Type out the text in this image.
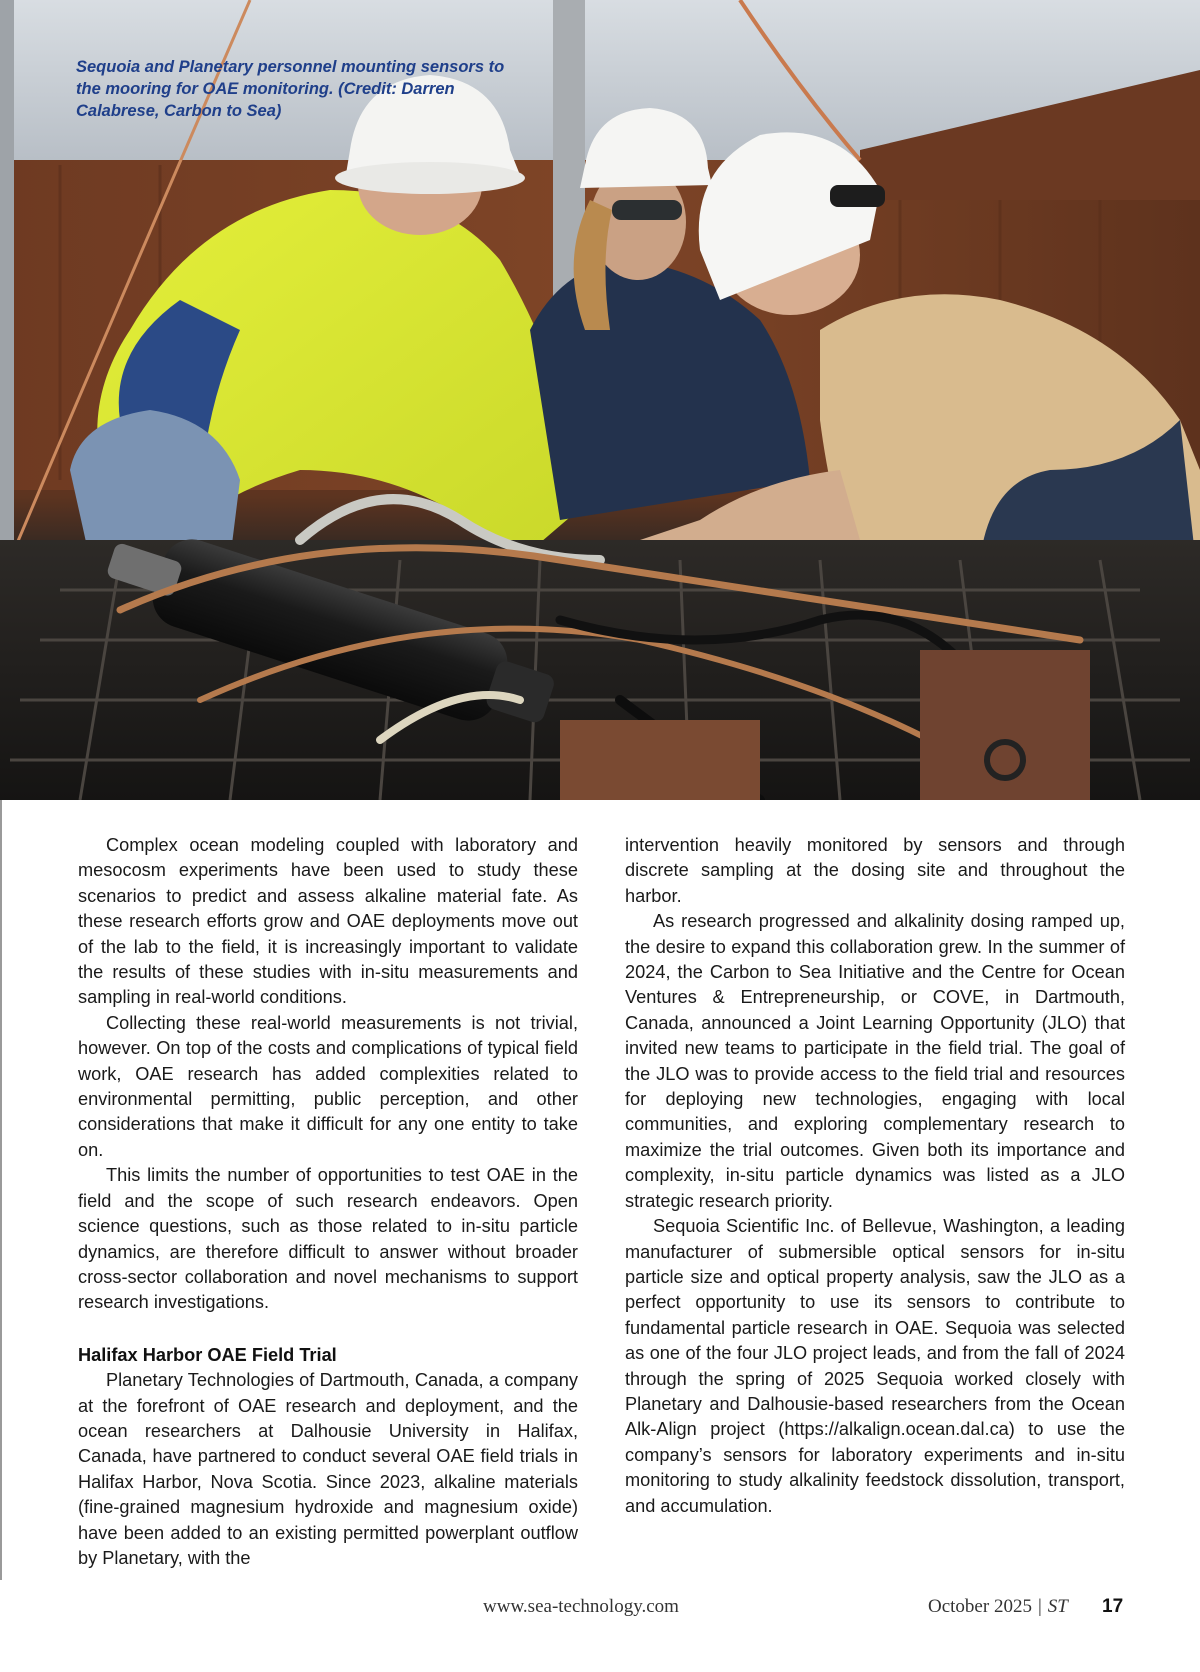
Sequoia and Planetary personnel mounting sensors to the mooring for OAE monitoring. (Credit: Darren Calabrese, Carbon to Sea)

Complex ocean modeling coupled with laboratory and mesocosm experiments have been used to study these scenarios to predict and assess alkaline material fate. As these research efforts grow and OAE deployments move out of the lab to the field, it is increasingly important to validate the results of these studies with in-situ measurements and sampling in real-world conditions.

Collecting these real-world measurements is not trivial, however. On top of the costs and complications of typical field work, OAE research has added complexities related to environmental permitting, public perception, and other considerations that make it difficult for any one entity to take on.

This limits the number of opportunities to test OAE in the field and the scope of such research endeavors. Open science questions, such as those related to in-situ particle dynamics, are therefore difficult to answer without broader cross-sector collaboration and novel mechanisms to support research investigations.

Halifax Harbor OAE Field Trial

Planetary Technologies of Dartmouth, Canada, a company at the forefront of OAE research and deployment, and the ocean researchers at Dalhousie University in Halifax, Canada, have partnered to conduct several OAE field trials in Halifax Harbor, Nova Scotia. Since 2023, alkaline materials (fine-grained magnesium hydroxide and magnesium oxide) have been added to an existing permitted powerplant outflow by Planetary, with the

intervention heavily monitored by sensors and through discrete sampling at the dosing site and throughout the harbor.

As research progressed and alkalinity dosing ramped up, the desire to expand this collaboration grew. In the summer of 2024, the Carbon to Sea Initiative and the Centre for Ocean Ventures & Entrepreneurship, or COVE, in Dartmouth, Canada, announced a Joint Learning Opportunity (JLO) that invited new teams to participate in the field trial. The goal of the JLO was to provide access to the field trial and resources for deploying new technologies, engaging with local communities, and exploring complementary research to maximize the trial outcomes. Given both its importance and complexity, in-situ particle dynamics was listed as a JLO strategic research priority.

Sequoia Scientific Inc. of Bellevue, Washington, a leading manufacturer of submersible optical sensors for in-situ particle size and optical property analysis, saw the JLO as a perfect opportunity to use its sensors to contribute to fundamental particle research in OAE. Sequoia was selected as one of the four JLO project leads, and from the fall of 2024 through the spring of 2025 Sequoia worked closely with Planetary and Dalhousie-based researchers from the Ocean Alk-Align project (https://alkalign.ocean.dal.ca) to use the company’s sensors for laboratory experiments and in-situ monitoring to study alkalinity feedstock dissolution, transport, and accumulation.

www.sea-technology.com	October 2025 | ST 17
